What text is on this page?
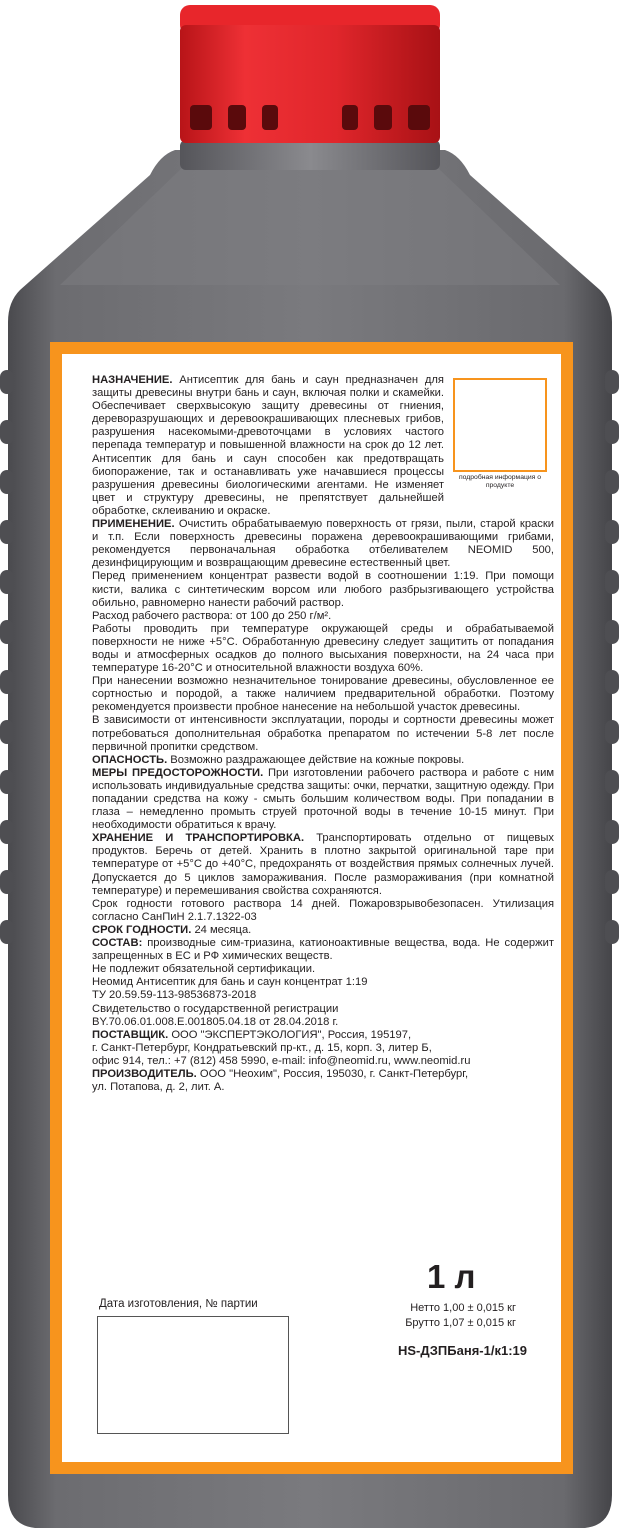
подробная информация о продукте

НАЗНАЧЕНИЕ. Антисептик для бань и саун предназначен для защиты древесины внутри бань и саун, включая полки и скамейки. Обеспечивает сверхвысокую защиту древесины от гниения, дереворазрушающих и деревоокрашивающих плесневых грибов, разрушения насекомыми-древоточцами в условиях частого перепада температур и повышенной влажности на срок до 12 лет. Антисептик для бань и саун способен как предотвращать биопоражение, так и останавливать уже начавшиеся процессы разрушения древесины биологическими агентами. Не изменяет цвет и структуру древесины, не препятствует дальнейшей обработке, склеиванию и окраске.

ПРИМЕНЕНИЕ. Очистить обрабатываемую поверхность от грязи, пыли, старой краски и т.п. Если поверхность древесины поражена деревоокрашивающими грибами, рекомендуется первоначальная обработка отбеливателем NEOMID 500, дезинфицирующим и возвращающим древесине естественный цвет.

Перед применением концентрат развести водой в соотношении 1:19. При помощи кисти, валика с синтетическим ворсом или любого разбрызгивающего устройства обильно, равномерно нанести рабочий раствор.

Расход рабочего раствора: от 100 до 250 г/м².

Работы проводить при температуре окружающей среды и обрабатываемой поверхности не ниже +5°С. Обработанную древесину следует защитить от попадания воды и атмосферных осадков до полного высыхания поверхности, на 24 часа при температуре 16-20°С и относительной влажности воздуха 60%.

При нанесении возможно незначительное тонирование древесины, обусловленное ее сортностью и породой, а также наличием предварительной обработки. Поэтому рекомендуется произвести пробное нанесение на небольшой участок древесины.

В зависимости от интенсивности эксплуатации, породы и сортности древесины может потребоваться дополнительная обработка препаратом по истечении 5-8 лет после первичной пропитки средством.

ОПАСНОСТЬ. Возможно раздражающее действие на кожные покровы.

МЕРЫ ПРЕДОСТОРОЖНОСТИ. При изготовлении рабочего раствора и работе с ним использовать индивидуальные средства защиты: очки, перчатки, защитную одежду. При попадании средства на кожу - смыть большим количеством воды. При попадании в глаза – немедленно промыть струей проточной воды в течение 10-15 минут. При необходимости обратиться к врачу.

ХРАНЕНИЕ И ТРАНСПОРТИРОВКА. Транспортировать отдельно от пищевых продуктов. Беречь от детей. Хранить в плотно закрытой оригинальной таре при температуре от +5°С до +40°С, предохранять от воздействия прямых солнечных лучей. Допускается до 5 циклов замораживания. После размораживания (при комнатной температуре) и перемешивания свойства сохраняются.

Срок годности готового раствора 14 дней. Пожаровзрывобезопасен. Утилизация согласно СанПиН 2.1.7.1322-03

СРОК ГОДНОСТИ. 24 месяца.

СОСТАВ: производные сим-триазина, катионоактивные вещества, вода. Не содержит запрещенных в ЕС и РФ химических веществ.

Не подлежит обязательной сертификации.

Неомид Антисептик для бань и саун концентрат 1:19

ТУ 20.59.59-113-98536873-2018

Свидетельство о государственной регистрации

BY.70.06.01.008.Е.001805.04.18 от 28.04.2018 г.

ПОСТАВЩИК. ООО "ЭКСПЕРТЭКОЛОГИЯ", Россия, 195197,

г. Санкт-Петербург, Кондратьевский пр-кт., д. 15, корп. 3, литер Б,

офис 914, тел.: +7 (812) 458 5990, e-mail: info@neomid.ru, www.neomid.ru

ПРОИЗВОДИТЕЛЬ. ООО "Неохим", Россия, 195030, г. Санкт-Петербург,

ул. Потапова, д. 2, лит. А.

1 л
Нетто 1,00 ± 0,015 кг
Брутто 1,07 ± 0,015 кг
HS-ДЗПБаня-1/к1:19
Дата изготовления, № партии
